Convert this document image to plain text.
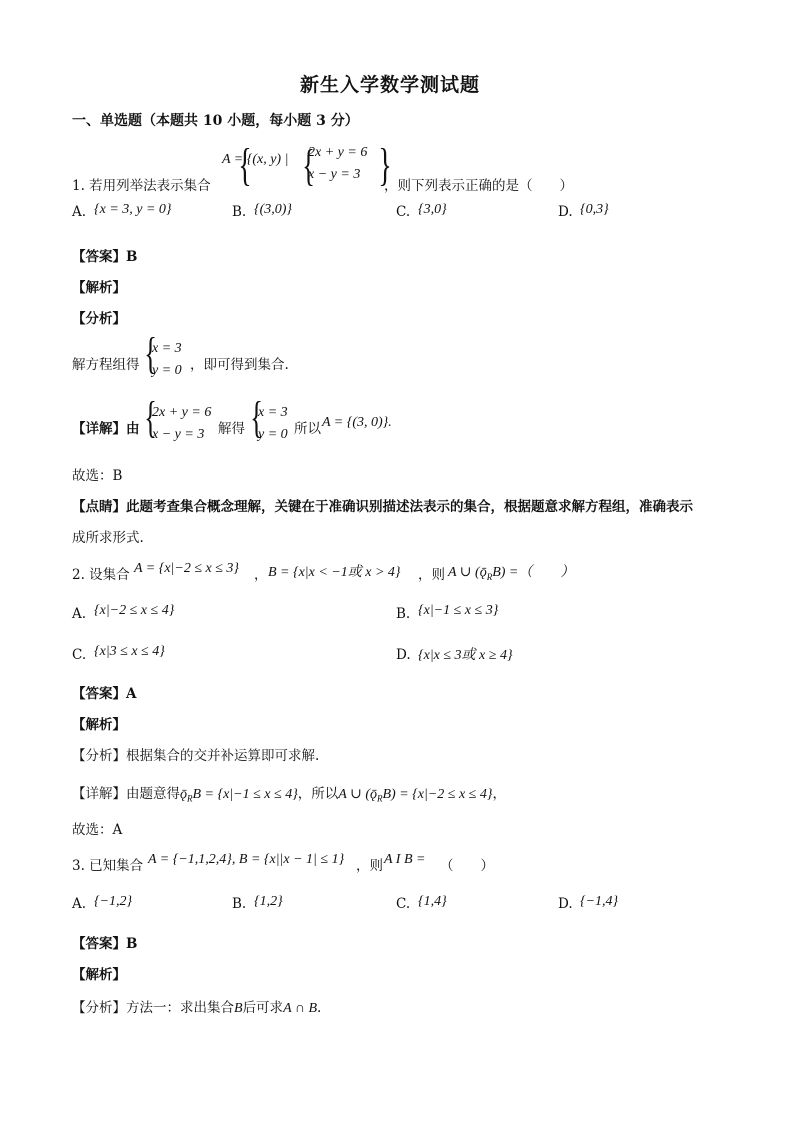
新生入学数学测试题
一、单选题（本题共 10 小题，每小题 3 分）
1. 若用列举法表示集合
A = {(x, y) |
{ {
2x + y = 6
x − y = 3 }
，则下列表示正确的是（　　）
A. {x = 3, y = 0}	B. {(3,0)}	C. {3,0}	D. {0,3}
【答案】B
【解析】
【分析】
解方程组得 {
x = 3
y = 0 ，即可得到集合.
【详解】由 {
2x + y = 6
x − y = 3	解得 {
x = 3
y = 0 所以 A = {(3, 0)}.
故选：B
【点睛】此题考查集合概念理解，关键在于准确识别描述法表示的集合，根据题意求解方程组，准确表示
成所求形式.
2. 设集合 A = {x|−2 ≤ x ≤ 3} ， B = {x|x < −1或 x > 4} ，则 A ∪ $(ǭ_RB)$ =（　　）
A. {x|−2 ≤ x ≤ 4}	B. {x|−1 ≤ x ≤ 3}
C. {x|3 ≤ x ≤ 4}	D. {x|x ≤ 3或 x ≥ 4}
【答案】A
【解析】
【分析】根据集合的交并补运算即可求解.
【详解】由题意得$ǭ_RB = \{x|-1 \le x \le 4\}$，所以A ∪ $(ǭ_RB) = \{x|-2 \le x \le 4\}$，
故选：A
3. 已知集合 A = {−1,1,2,4}, B = {x||x − 1| ≤ 1} ，则 A I B = （　　）
A. {−1,2}	B. {1,2}	C. {1,4}	D. {−1,4}
【答案】B
【解析】
【分析】方法一：求出集合B后可求A ∩ B.
